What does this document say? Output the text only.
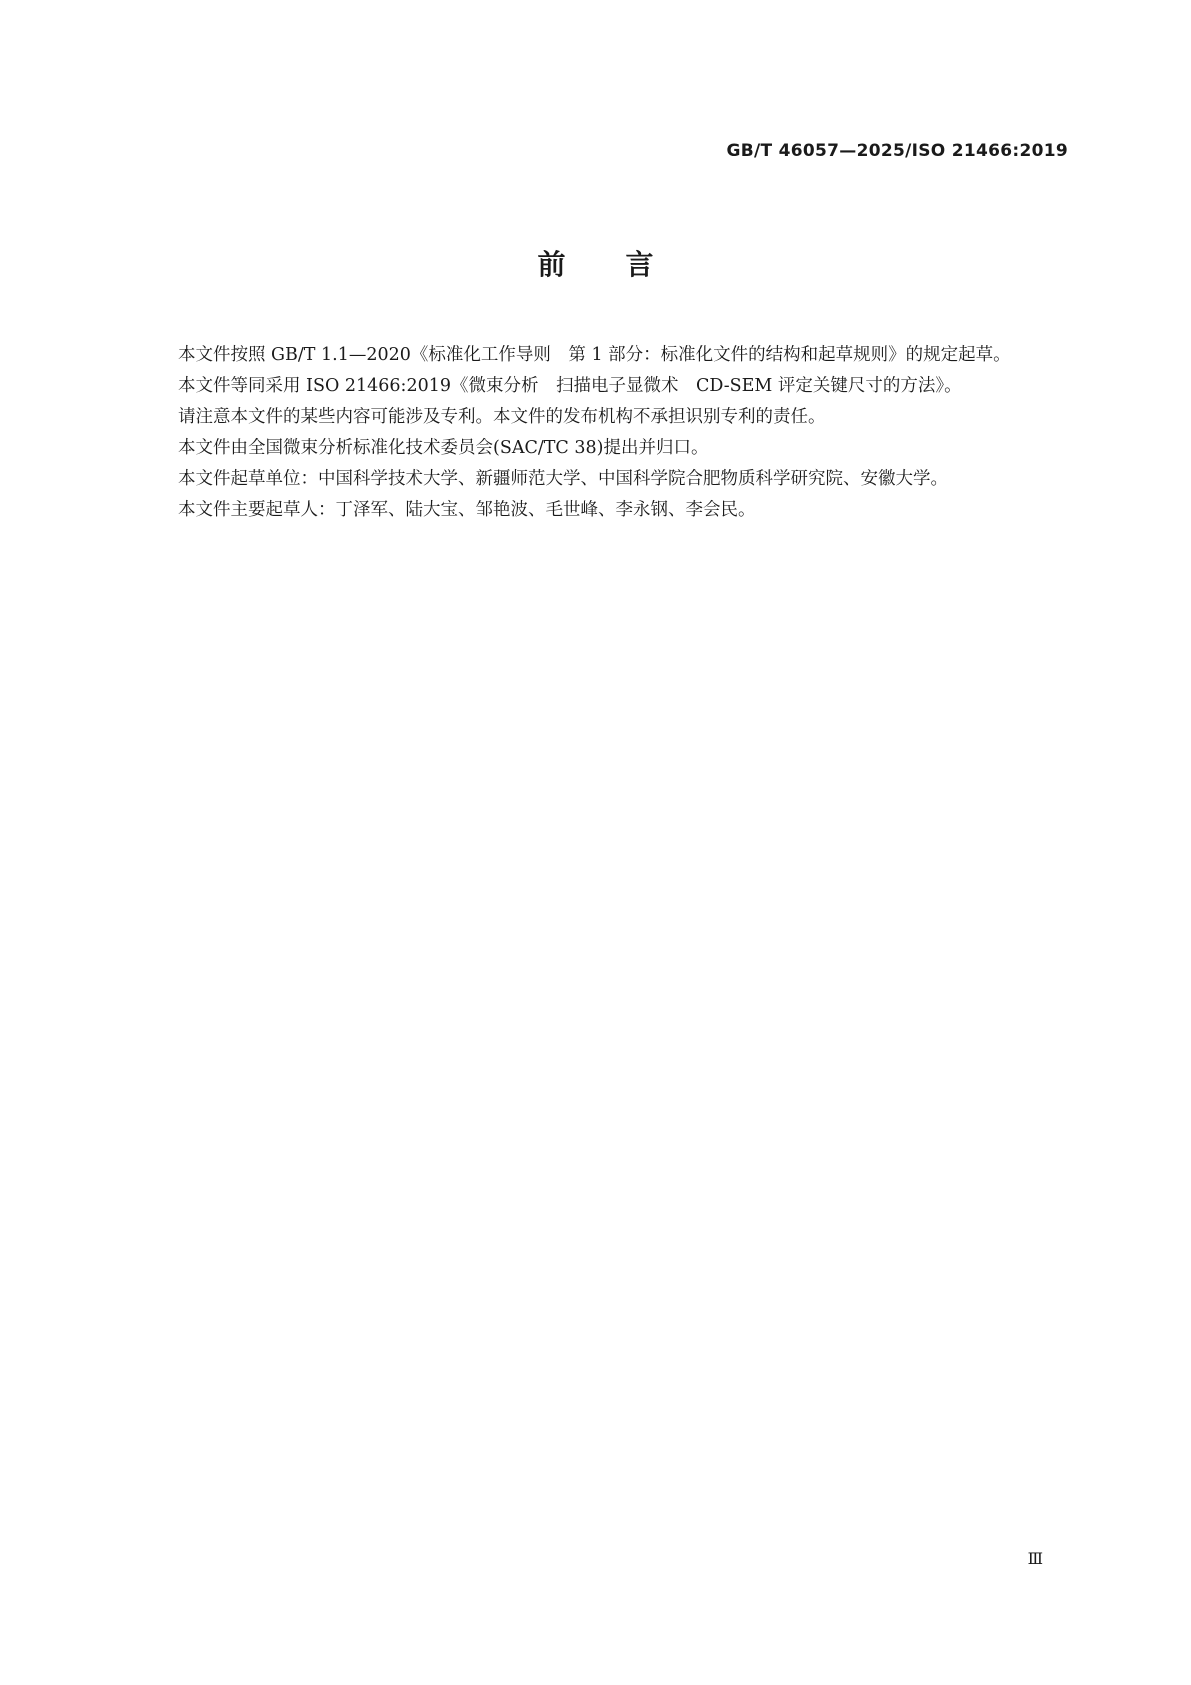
GB/T 46057—2025/ISO 21466:2019
前言

本文件按照 GB/T 1.1—2020《标准化工作导则　第 1 部分：标准化文件的结构和起草规则》的规定起草。

本文件等同采用 ISO 21466:2019《微束分析　扫描电子显微术　CD-SEM 评定关键尺寸的方法》。

请注意本文件的某些内容可能涉及专利。本文件的发布机构不承担识别专利的责任。

本文件由全国微束分析标准化技术委员会(SAC/TC 38)提出并归口。

本文件起草单位：中国科学技术大学、新疆师范大学、中国科学院合肥物质科学研究院、安徽大学。

本文件主要起草人：丁泽军、陆大宝、邹艳波、毛世峰、李永钢、李会民。

Ⅲ
